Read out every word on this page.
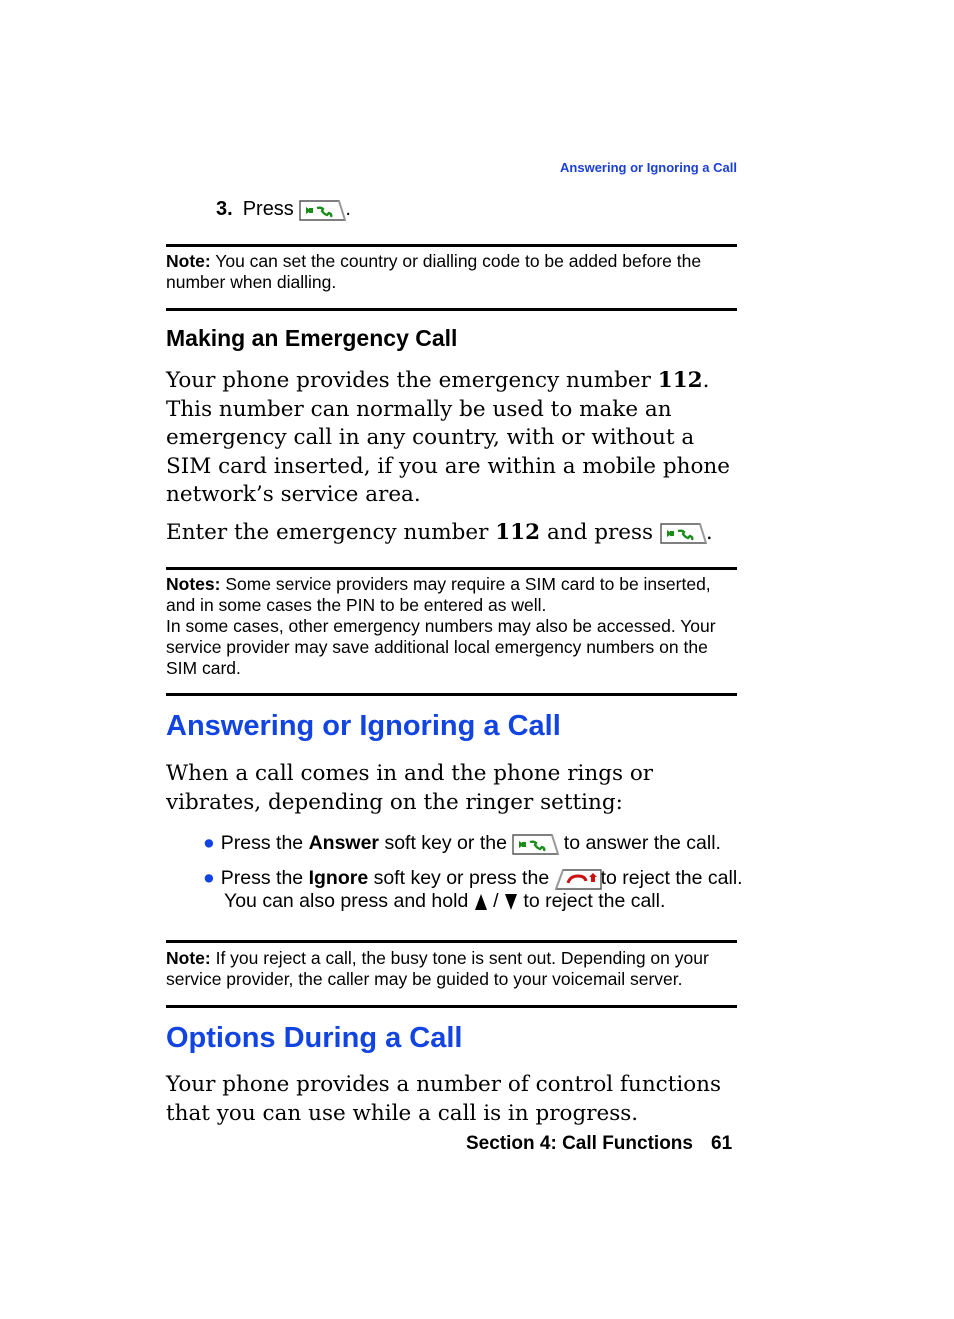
Answering or Ignoring a Call
3. Press	.
Note: You can set the country or dialling code to be added before the number when dialling.
Making an Emergency Call
Your phone provides the emergency number 112. This number can normally be used to make an emergency call in any country, with or without a SIM card inserted, if you are within a mobile phone network’s service area.
Enter the emergency number 112 and press .
Notes: Some service providers may require a SIM card to be inserted, and in some cases the PIN to be entered as well.
In some cases, other emergency numbers may also be accessed. Your service provider may save additional local emergency numbers on the SIM card.
Answering or Ignoring a Call
When a call comes in and the phone rings or vibrates, depending on the ringer setting:
● Press the Answer soft key or the	to answer the call.
● Press the Ignore soft key or press the	to reject the call.
You can also press and hold / to reject the call.
Note: If you reject a call, the busy tone is sent out. Depending on your service provider, the caller may be guided to your voicemail server.
Options During a Call
Your phone provides a number of control functions that you can use while a call is in progress.
Section 4: Call Functions 61
